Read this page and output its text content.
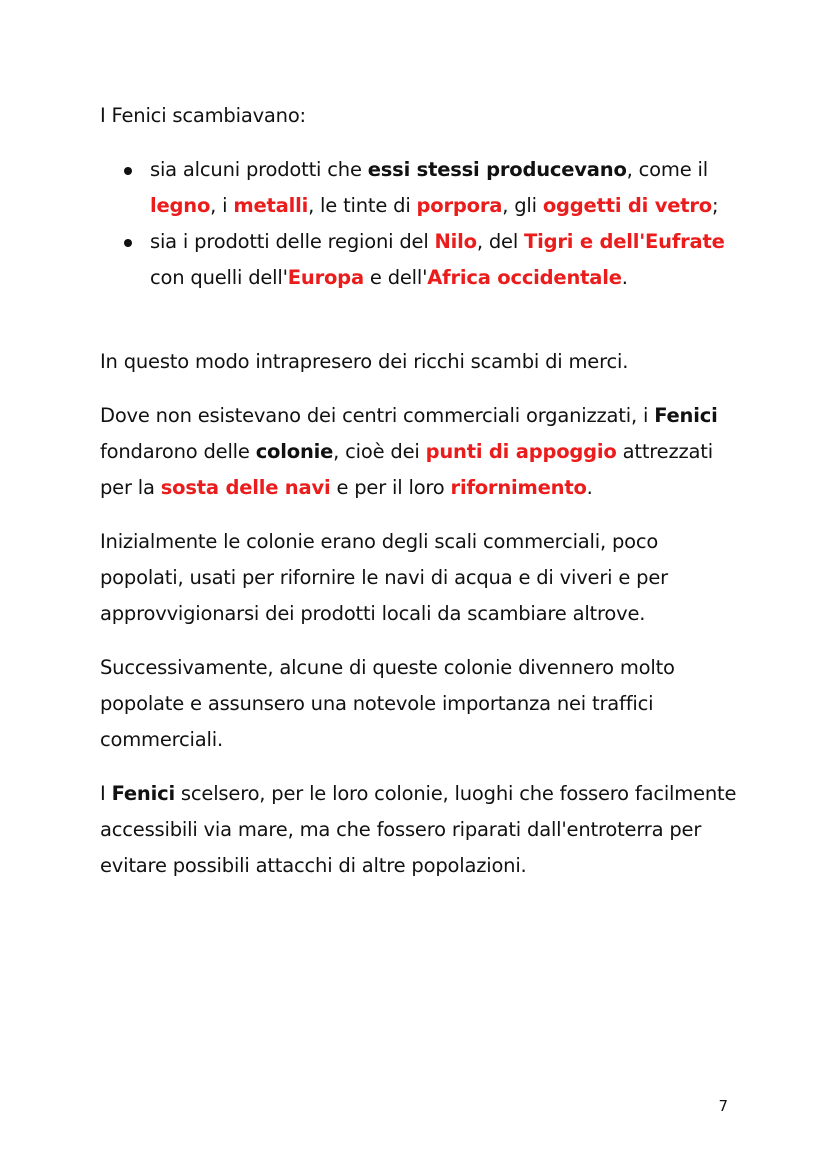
I Fenici scambiavano:

sia alcuni prodotti che essi stessi producevano, come il legno, i metalli, le tinte di porpora, gli oggetti di vetro;
sia i prodotti delle regioni del Nilo, del Tigri e dell'Eufrate con quelli dell'Europa e dell'Africa occidentale.

In questo modo intrapresero dei ricchi scambi di merci.

Dove non esistevano dei centri commerciali organizzati, i Fenici fondarono delle colonie, cioè dei punti di appoggio attrezzati per la sosta delle navi e per il loro rifornimento.

Inizialmente le colonie erano degli scali commerciali, poco popolati, usati per rifornire le navi di acqua e di viveri e per approvvigionarsi dei prodotti locali da scambiare altrove.

Successivamente, alcune di queste colonie divennero molto popolate e assunsero una notevole importanza nei traffici commerciali.

I Fenici scelsero, per le loro colonie, luoghi che fossero facilmente accessibili via mare, ma che fossero riparati dall'entroterra per evitare possibili attacchi di altre popolazioni.

7
